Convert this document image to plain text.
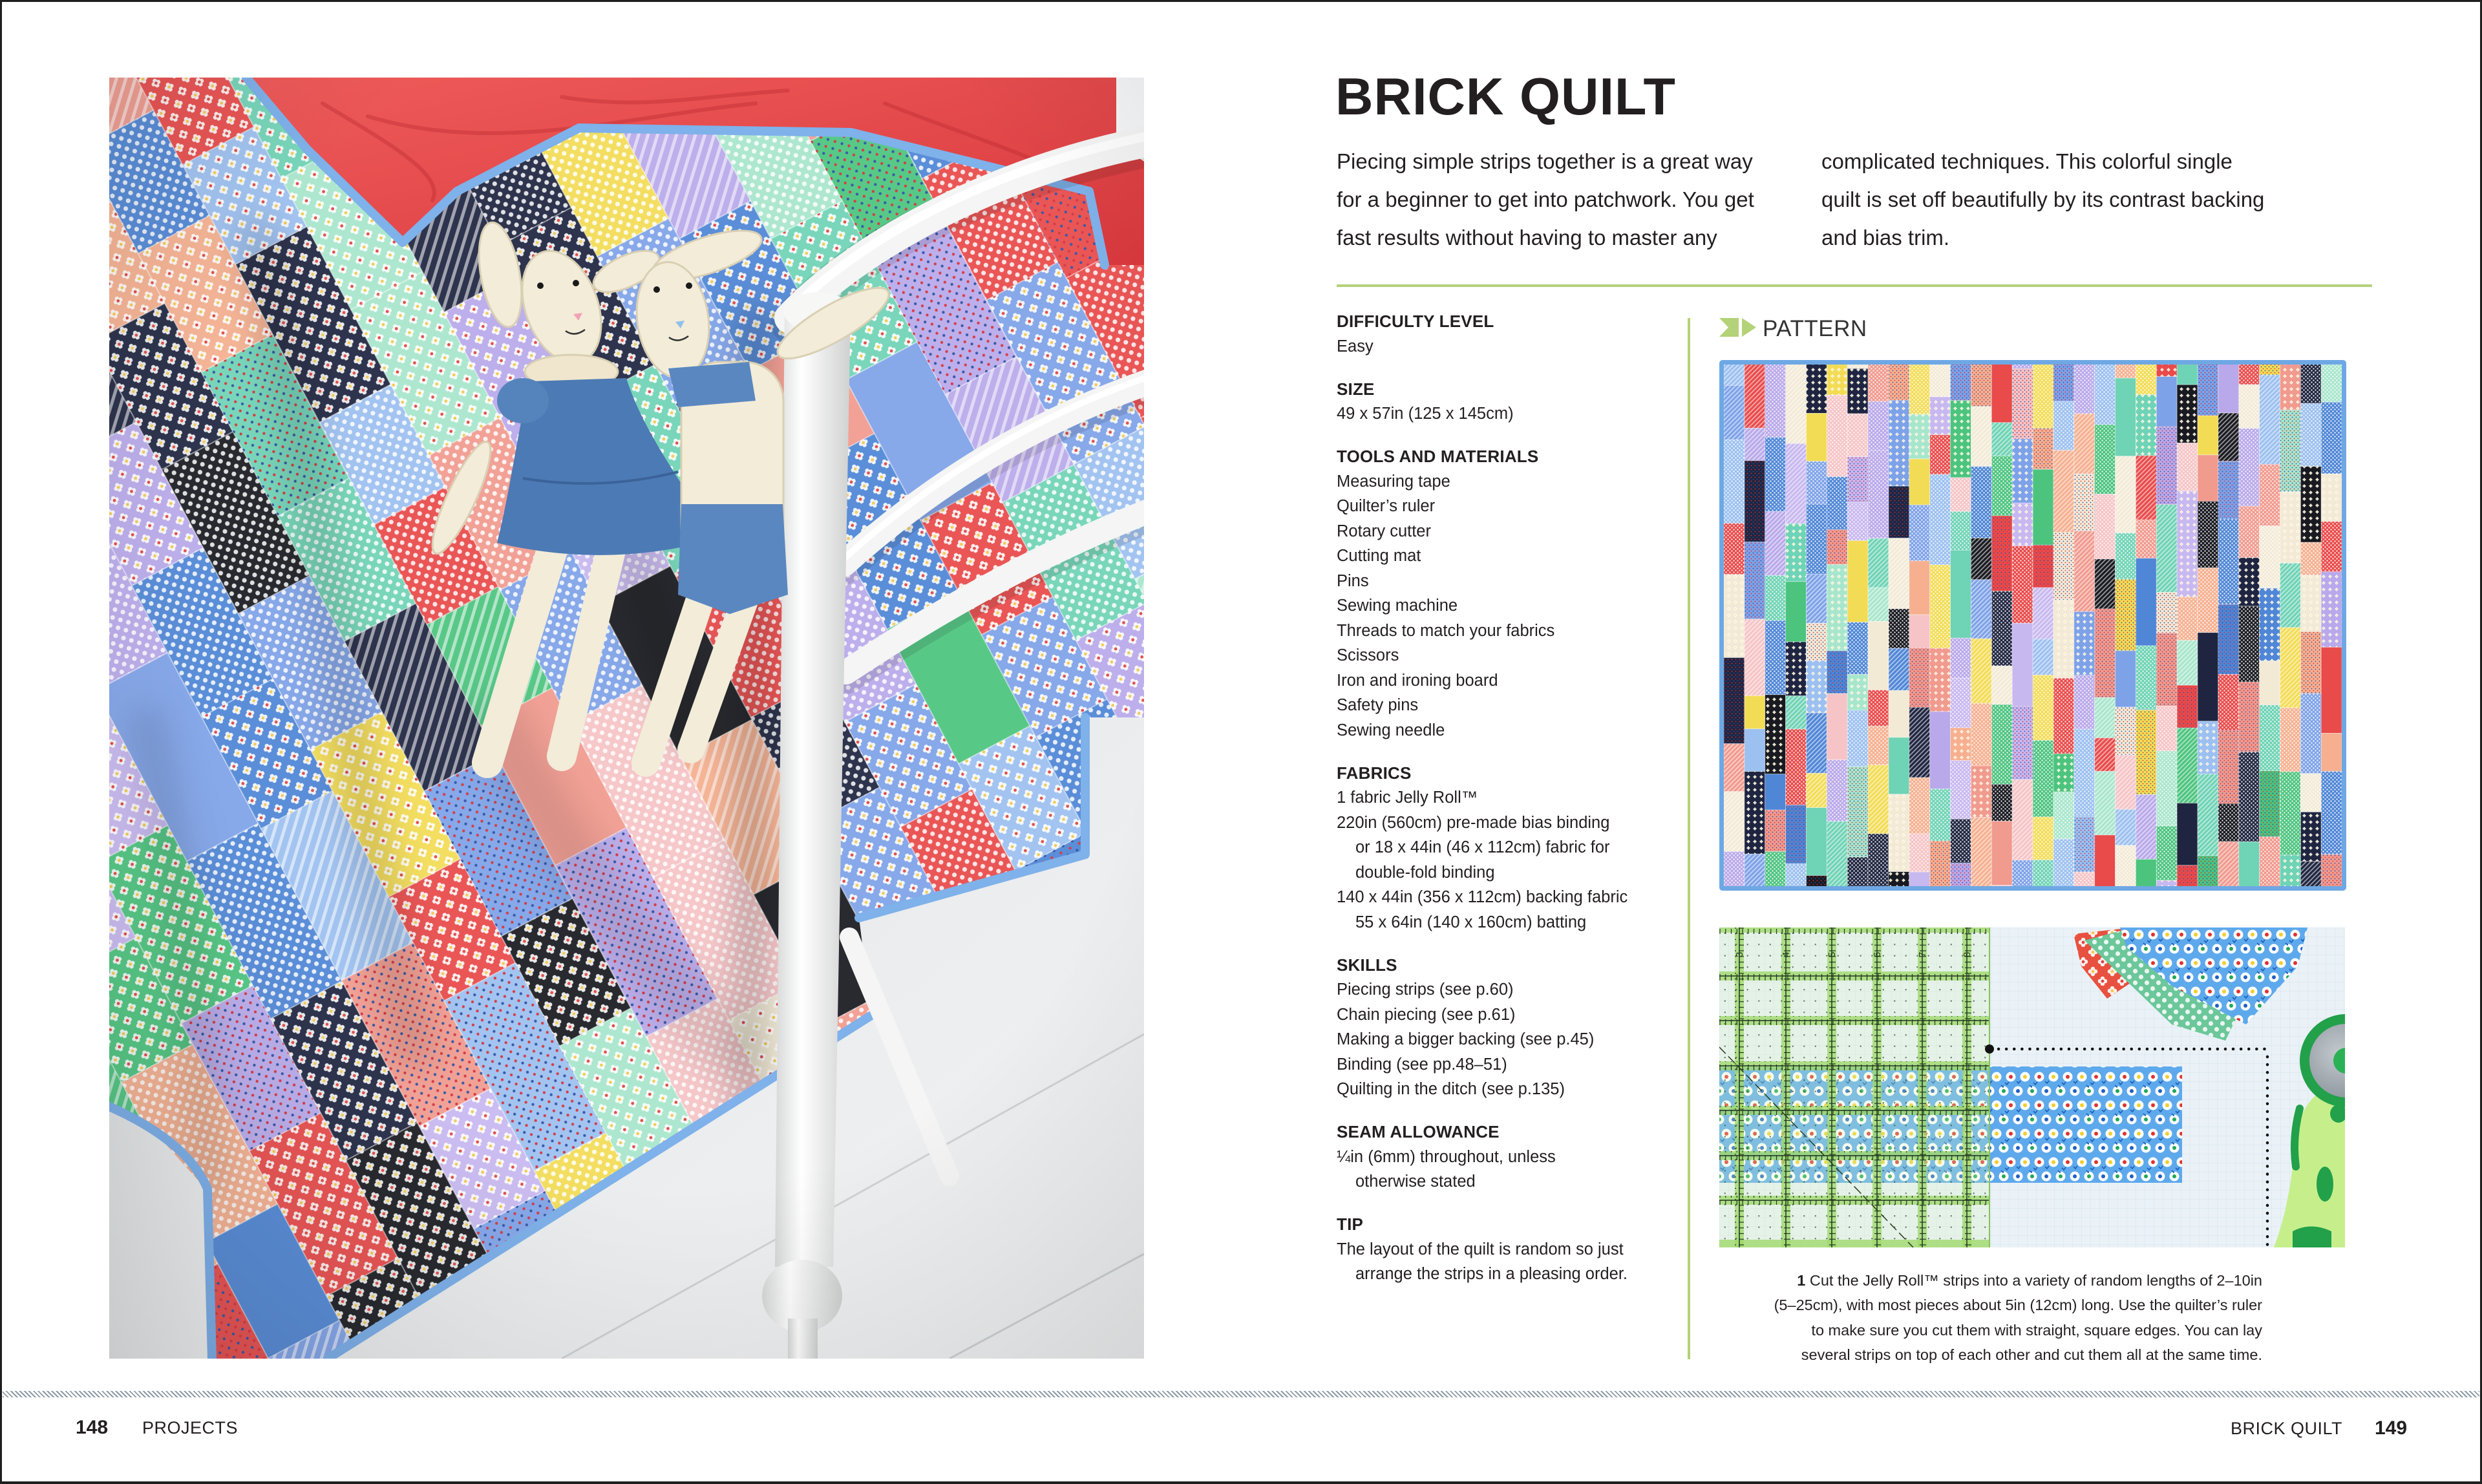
BRICK QUILT
Piecing simple strips together is a great way
for a beginner to get into patchwork. You get
fast results without having to master any
complicated techniques. This colorful single
quilt is set off beautifully by its contrast backing
and bias trim.
DIFFICULTY LEVEL
Easy
SIZE
49 x 57in (125 x 145cm)
TOOLS AND MATERIALS
Measuring tape
Quilter’s ruler
Rotary cutter
Cutting mat
Pins
Sewing machine
Threads to match your fabrics
Scissors
Iron and ironing board
Safety pins
Sewing needle
FABRICS
1 fabric Jelly Roll™
220in (560cm) pre-made bias binding
or 18 x 44in (46 x 112cm) fabric for
double-fold binding
140 x 44in (356 x 112cm) backing fabric
55 x 64in (140 x 160cm) batting
SKILLS
Piecing strips (see p.60)
Chain piecing (see p.61)
Making a bigger backing (see p.45)
Binding (see pp.48–51)
Quilting in the ditch (see p.135)
SEAM ALLOWANCE
¼in (6mm) throughout, unless
otherwise stated
TIP
The layout of the quilt is random so just
arrange the strips in a pleasing order.
PATTERN
3	4	5	6	7	8
1 Cut the Jelly Roll™ strips into a variety of random lengths of 2–10in
(5–25cm), with most pieces about 5in (12cm) long. Use the quilter’s ruler
to make sure you cut them with straight, square edges. You can lay
several strips on top of each other and cut them all at the same time.
148 PROJECTS	BRICK QUILT 149
